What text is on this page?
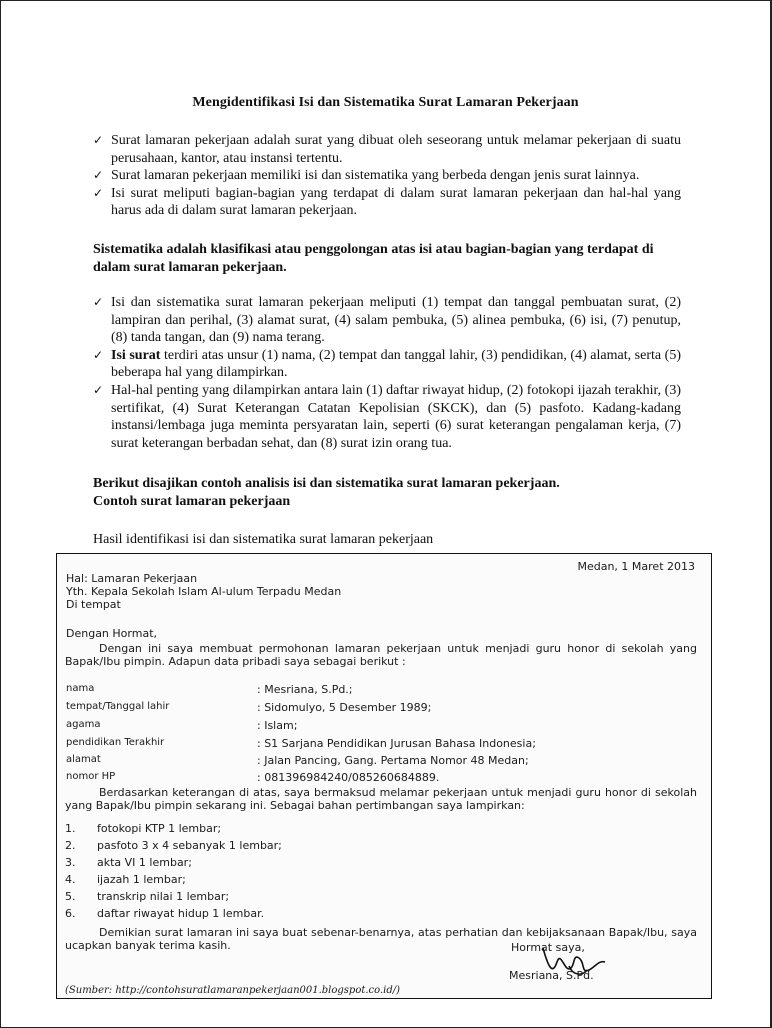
Mengidentifikasi Isi dan Sistematika Surat Lamaran Pekerjaan
✓ Surat lamaran pekerjaan adalah surat yang dibuat oleh seseorang untuk melamar pekerjaan di suatu perusahaan, kantor, atau instansi tertentu.
✓ Surat lamaran pekerjaan memiliki isi dan sistematika yang berbeda dengan jenis surat lainnya.
✓ Isi surat meliputi bagian-bagian yang terdapat di dalam surat lamaran pekerjaan dan hal-hal yang harus ada di dalam surat lamaran pekerjaan.
Sistematika adalah klasifikasi atau penggolongan atas isi atau bagian-bagian yang terdapat di dalam surat lamaran pekerjaan.
✓ Isi dan sistematika surat lamaran pekerjaan meliputi (1) tempat dan tanggal pembuatan surat, (2) lampiran dan perihal, (3) alamat surat, (4) salam pembuka, (5) alinea pembuka, (6) isi, (7) penutup, (8) tanda tangan, dan (9) nama terang.
✓ Isi surat terdiri atas unsur (1) nama, (2) tempat dan tanggal lahir, (3) pendidikan, (4) alamat, serta (5) beberapa hal yang dilampirkan.
✓ Hal-hal penting yang dilampirkan antara lain (1) daftar riwayat hidup, (2) fotokopi ijazah terakhir, (3) sertifikat, (4) Surat Keterangan Catatan Kepolisian (SKCK), dan (5) pasfoto. Kadang-kadang instansi/lembaga juga meminta persyaratan lain, seperti (6) surat keterangan pengalaman kerja, (7) surat keterangan berbadan sehat, dan (8) surat izin orang tua.
Berikut disajikan contoh analisis isi dan sistematika surat lamaran pekerjaan.
Contoh surat lamaran pekerjaan
Hasil identifikasi isi dan sistematika surat lamaran pekerjaan
Medan, 1 Maret 2013
Hal: Lamaran Pekerjaan
Yth. Kepala Sekolah Islam Al-ulum Terpadu Medan
Di tempat
Dengan Hormat,
Dengan ini saya membuat permohonan lamaran pekerjaan untuk menjadi guru honor di sekolah yang Bapak/Ibu pimpin. Adapun data pribadi saya sebagai berikut :
nama	: Mesriana, S.Pd.;
tempat/Tanggal lahir	: Sidomulyo, 5 Desember 1989;
agama	: Islam;
pendidikan Terakhir	: S1 Sarjana Pendidikan Jurusan Bahasa Indonesia;
alamat	: Jalan Pancing, Gang. Pertama Nomor 48 Medan;
nomor HP	: 081396984240/085260684889.
Berdasarkan keterangan di atas, saya bermaksud melamar pekerjaan untuk menjadi guru honor di sekolah yang Bapak/Ibu pimpin sekarang ini. Sebagai bahan pertimbangan saya lampirkan:
1. fotokopi KTP 1 lembar;
2. pasfoto 3 x 4 sebanyak 1 lembar;
3. akta VI 1 lembar;
4. ijazah 1 lembar;
5. transkrip nilai 1 lembar;
6. daftar riwayat hidup 1 lembar.
Demikian surat lamaran ini saya buat sebenar-benarnya, atas perhatian dan kebijaksanaan Bapak/Ibu, saya ucapkan banyak terima kasih.	Hormat saya,
Mesriana, S.Pd.
(Sumber: http://contohsuratlamaranpekerjaan001.blogspot.co.id/)
